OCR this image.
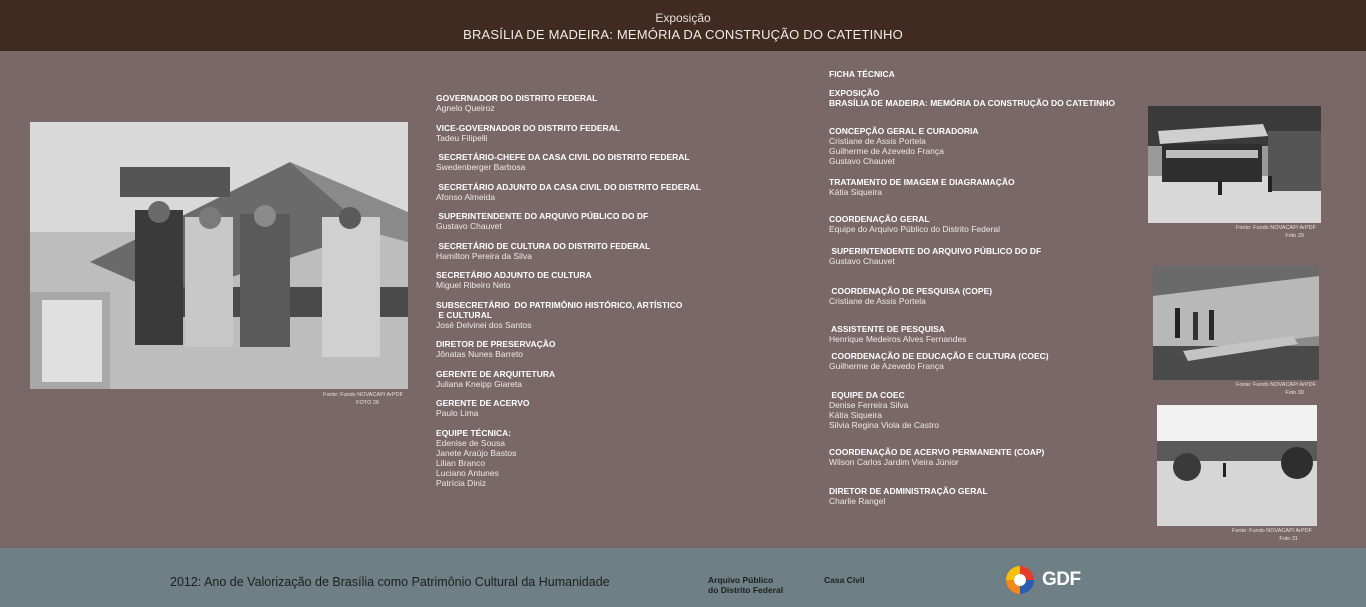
Exposição
BRASÍLIA DE MADEIRA: MEMÓRIA DA CONSTRUÇÃO DO CATETINHO
Fonte: Fundo NOVACAP/ ArPDF
FOTO 28
Fonte: Fundo NOVACAP/ ArPDF
Foto 29
Fonte: Fundo NOVACAP/ ArPDF
Foto 30
Fonte: Fundo NOVACAP/ ArPDF
Foto 31
GOVERNADOR DO DISTRITO FEDERAL
Agnelo Queiroz
VICE-GOVERNADOR DO DISTRITO FEDERAL
Tadeu Filipelli
SECRETÁRIO-CHEFE DA CASA CIVIL DO DISTRITO FEDERAL
Swedenberger Barbosa
SECRETÁRIO ADJUNTO DA CASA CIVIL DO DISTRITO FEDERAL
Afonso Almeida
SUPERINTENDENTE DO ARQUIVO PÚBLICO DO DF
Gustavo Chauvet
SECRETÁRIO DE CULTURA DO DISTRITO FEDERAL
Hamilton Pereira da Silva
SECRETÁRIO ADJUNTO DE CULTURA
Miguel Ribeiro Neto
SUBSECRETÁRIO  DO PATRIMÔNIO HISTÓRICO, ARTÍSTICO
E CULTURAL
José Delvinei dos Santos
DIRETOR DE PRESERVAÇÃO
Jônatas Nunes Barreto
GERENTE DE ARQUITETURA
Juliana Kneipp Giareta
GERENTE DE ACERVO
Paulo Lima
EQUIPE TÉCNICA:
Edenise de Sousa
Janete Araújo Bastos
Lilian Branco
Luciano Antunes
Patrícia Diniz
FICHA TÉCNICA
EXPOSIÇÃO
BRASÍLIA DE MADEIRA: MEMÓRIA DA CONSTRUÇÃO DO CATETINHO
CONCEPÇÃO GERAL E CURADORIA
Cristiane de Assis Portela
Guilherme de Azevedo França
Gustavo Chauvet
TRATAMENTO DE IMAGEM E DIAGRAMAÇÃO
Kátia Siqueira
COORDENAÇÃO GERAL
Equipe do Arquivo Público do Distrito Federal
SUPERINTENDENTE DO ARQUIVO PÚBLICO DO DF
Gustavo Chauvet
COORDENAÇÃO DE PESQUISA (COPE)
Cristiane de Assis Portela
ASSISTENTE DE PESQUISA
Henrique Medeiros Alves Fernandes
COORDENAÇÃO DE EDUCAÇÃO E CULTURA (COEC)
Guilherme de Azevedo França
EQUIPE DA COEC
Denise Ferreira Silva
Kátia Siqueira
Silvia Regina Viola de Castro
COORDENAÇÃO DE ACERVO PERMANENTE (COAP)
Wilson Carlos Jardim Vieira Júnior
DIRETOR DE ADMINISTRAÇÃO GERAL
Charlie Rangel
2012: Ano de Valorização de Brasília como Patrimônio Cultural da Humanidade	Arquivo Público
do Distrito Federal
Casa Civil	GDF
